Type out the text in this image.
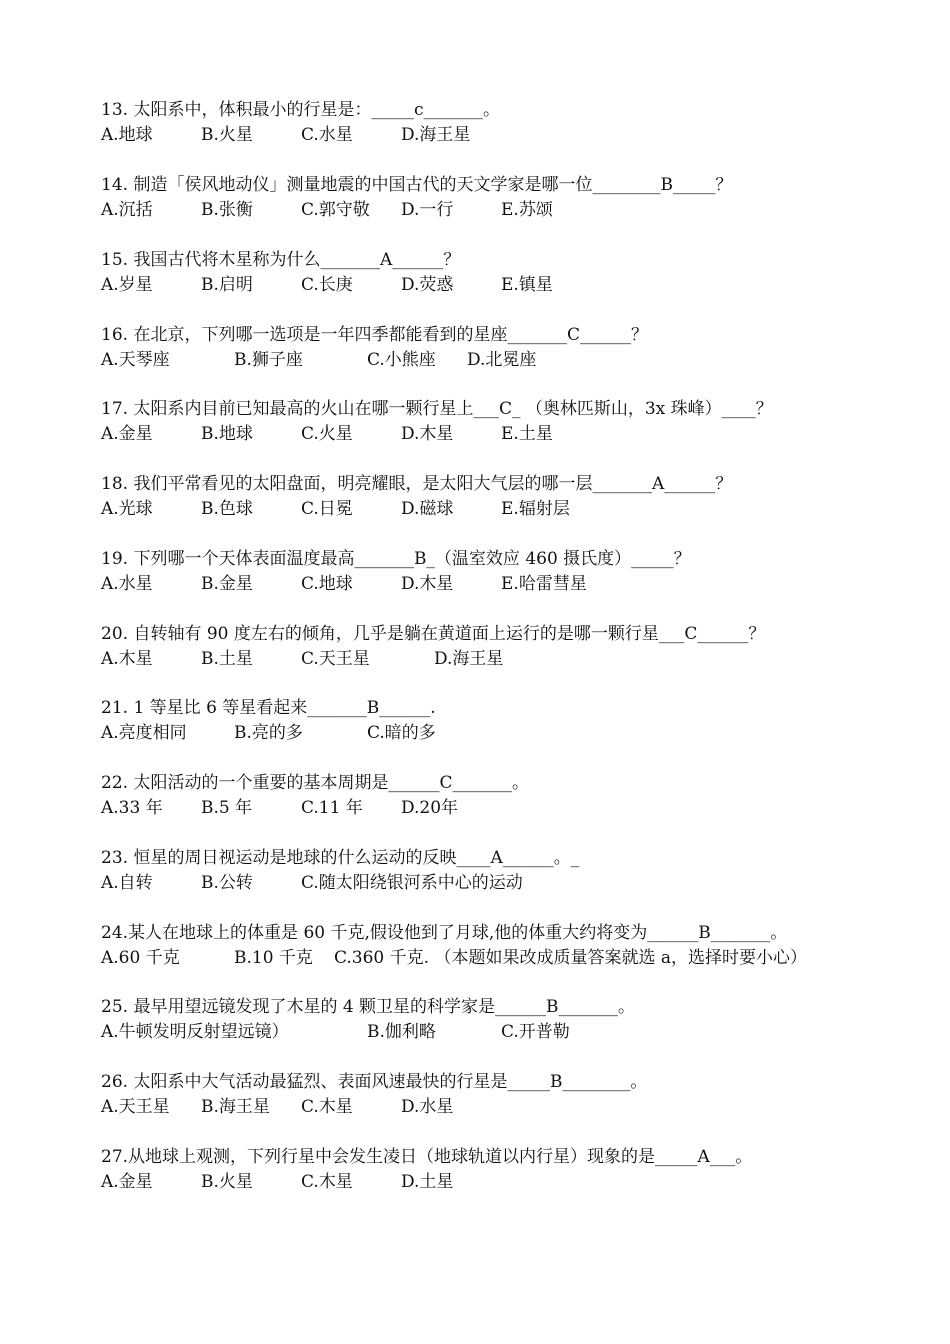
13. 太阳系中，体积最小的行星是：_____c_______。
A.地球	B.火星	C.水星	D.海王星
14. 制造「侯风地动仪」测量地震的中国古代的天文学家是哪一位________B_____？
A.沉括	B.张衡	C.郭守敬 D.一行	E.苏颂
15. 我国古代将木星称为什么_______A______？
A.岁星	B.启明	C.长庚	D.荧惑	E.镇星
16. 在北京，下列哪一选项是一年四季都能看到的星座_______C______？
A.天琴座	B.狮子座	C.小熊座 D.北冕座
17. 太阳系内目前已知最高的火山在哪一颗行星上___C_ （奥林匹斯山，3x 珠峰）____？
A.金星	B.地球	C.火星	D.木星	E.土星
18. 我们平常看见的太阳盘面，明亮耀眼，是太阳大气层的哪一层_______A______？
A.光球	B.色球	C.日冕	D.磁球	E.辐射层
19. 下列哪一个天体表面温度最高_______B_（温室效应 460 摄氏度）_____？
A.水星	B.金星	C.地球	D.木星	E.哈雷彗星
20. 自转轴有 90 度左右的倾角，几乎是躺在黄道面上运行的是哪一颗行星___C______？
A.木星	B.土星	C.天王星	D.海王星
21. 1 等星比 6 等星看起来_______B______.
A.亮度相同	B.亮的多	C.暗的多
22. 太阳活动的一个重要的基本周期是______C_______。
A.33 年 B.5 年	C.11 年 D.20年
23. 恒星的周日视运动是地球的什么运动的反映____A______。_
A.自转	B.公转	C.随太阳绕银河系中心的运动
24.某人在地球上的体重是 60 千克,假设他到了月球,他的体重大约将变为______B_______。
A.60 千克	B.10 千克 C.360 千克. （本题如果改成质量答案就选 a，选择时要小心）
25. 最早用望远镜发现了木星的 4 颗卫星的科学家是______B_______。
A.牛顿发明反射望远镜）	B.伽利略	C.开普勒
26. 太阳系中大气活动最猛烈、表面风速最快的行星是_____B________。
A.天王星 B.海王星 C.木星	D.水星
27.从地球上观测，下列行星中会发生凌日（地球轨道以内行星）现象的是_____A___。
A.金星	B.火星	C.木星	D.土星
